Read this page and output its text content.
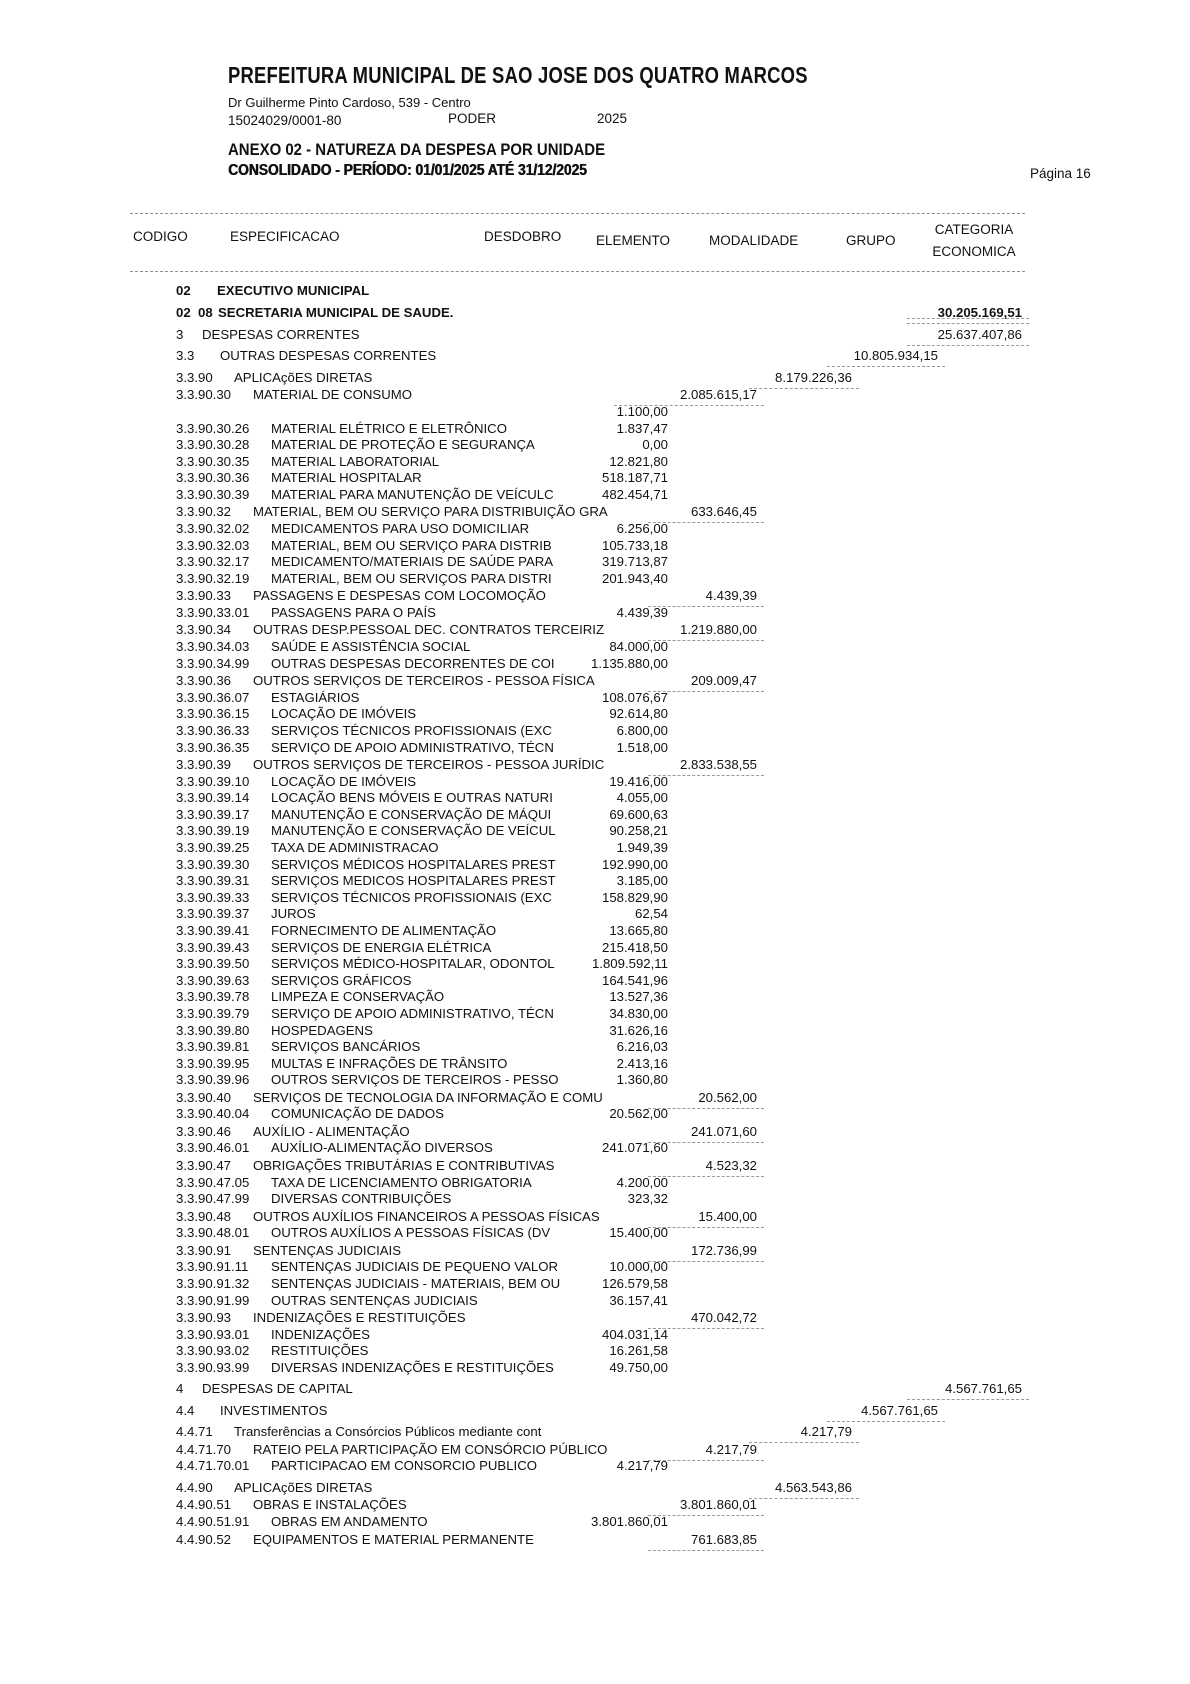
PREFEITURA MUNICIPAL DE SAO JOSE DOS QUATRO MARCOS
Dr Guilherme Pinto Cardoso, 539 - Centro
15024029/0001-80	PODER	2025
ANEXO 02 - NATUREZA DA DESPESA POR UNIDADE
CONSOLIDADO - PERÍODO: 01/01/2025 ATÉ 31/12/2025	Página 16
CODIGO	ESPECIFICACAO	DESDOBRO	ELEMENTO	MODALIDADE	GRUPO
CATEGORIA
ECONOMICA
02 EXECUTIVO MUNICIPAL
02 08 SECRETARIA MUNICIPAL DE SAUDE.	30.205.169,51
3 DESPESAS CORRENTES	25.637.407,86
3.3 OUTRAS DESPESAS CORRENTES	10.805.934,15
3.3.90 APLICAçõES DIRETAS	8.179.226,36
3.3.90.30 MATERIAL DE CONSUMO	2.085.615,17
1.100,00
3.3.90.30.26 MATERIAL ELÉTRICO E ELETRÔNICO	1.837,47
3.3.90.30.28 MATERIAL DE PROTEÇÃO E SEGURANÇA	0,00
3.3.90.30.35 MATERIAL LABORATORIAL	12.821,80
3.3.90.30.36 MATERIAL HOSPITALAR	518.187,71
3.3.90.30.39 MATERIAL PARA MANUTENÇÃO DE VEÍCULC	482.454,71
3.3.90.32 MATERIAL, BEM OU SERVIÇO PARA DISTRIBUIÇÃO GRA	633.646,45
3.3.90.32.02 MEDICAMENTOS PARA USO DOMICILIAR	6.256,00
3.3.90.32.03 MATERIAL, BEM OU SERVIÇO PARA DISTRIB	105.733,18
3.3.90.32.17 MEDICAMENTO/MATERIAIS DE SAÚDE PARA	319.713,87
3.3.90.32.19 MATERIAL, BEM OU SERVIÇOS PARA DISTRI	201.943,40
3.3.90.33 PASSAGENS E DESPESAS COM LOCOMOÇÃO	4.439,39
3.3.90.33.01 PASSAGENS PARA O PAÍS	4.439,39
3.3.90.34 OUTRAS DESP.PESSOAL DEC. CONTRATOS TERCEIRIZ	1.219.880,00
3.3.90.34.03 SAÚDE E ASSISTÊNCIA SOCIAL	84.000,00
3.3.90.34.99 OUTRAS DESPESAS DECORRENTES DE COI	1.135.880,00
3.3.90.36 OUTROS SERVIÇOS DE TERCEIROS - PESSOA FÍSICA	209.009,47
3.3.90.36.07 ESTAGIÁRIOS	108.076,67
3.3.90.36.15 LOCAÇÃO DE IMÓVEIS	92.614,80
3.3.90.36.33 SERVIÇOS TÉCNICOS PROFISSIONAIS (EXC	6.800,00
3.3.90.36.35 SERVIÇO DE APOIO ADMINISTRATIVO, TÉCN	1.518,00
3.3.90.39 OUTROS SERVIÇOS DE TERCEIROS - PESSOA JURÍDIC	2.833.538,55
3.3.90.39.10 LOCAÇÃO DE IMÓVEIS	19.416,00
3.3.90.39.14 LOCAÇÃO BENS MÓVEIS E OUTRAS NATURI	4.055,00
3.3.90.39.17 MANUTENÇÃO E CONSERVAÇÃO DE MÁQUI	69.600,63
3.3.90.39.19 MANUTENÇÃO E CONSERVAÇÃO DE VEÍCUL	90.258,21
3.3.90.39.25 TAXA DE ADMINISTRACAO	1.949,39
3.3.90.39.30 SERVIÇOS MÉDICOS HOSPITALARES PREST	192.990,00
3.3.90.39.31 SERVIÇOS MEDICOS HOSPITALARES PREST	3.185,00
3.3.90.39.33 SERVIÇOS TÉCNICOS PROFISSIONAIS (EXC	158.829,90
3.3.90.39.37 JUROS	62,54
3.3.90.39.41 FORNECIMENTO DE ALIMENTAÇÃO	13.665,80
3.3.90.39.43 SERVIÇOS DE ENERGIA ELÉTRICA	215.418,50
3.3.90.39.50 SERVIÇOS MÉDICO-HOSPITALAR, ODONTOL	1.809.592,11
3.3.90.39.63 SERVIÇOS GRÁFICOS	164.541,96
3.3.90.39.78 LIMPEZA E CONSERVAÇÃO	13.527,36
3.3.90.39.79 SERVIÇO DE APOIO ADMINISTRATIVO, TÉCN	34.830,00
3.3.90.39.80 HOSPEDAGENS	31.626,16
3.3.90.39.81 SERVIÇOS BANCÁRIOS	6.216,03
3.3.90.39.95 MULTAS E INFRAÇÕES DE TRÂNSITO	2.413,16
3.3.90.39.96 OUTROS SERVIÇOS DE TERCEIROS - PESSO	1.360,80
3.3.90.40 SERVIÇOS DE TECNOLOGIA DA INFORMAÇÃO E COMU	20.562,00
3.3.90.40.04 COMUNICAÇÃO DE DADOS	20.562,00
3.3.90.46 AUXÍLIO - ALIMENTAÇÃO	241.071,60
3.3.90.46.01 AUXÍLIO-ALIMENTAÇÃO DIVERSOS	241.071,60
3.3.90.47 OBRIGAÇÕES TRIBUTÁRIAS E CONTRIBUTIVAS	4.523,32
3.3.90.47.05 TAXA DE LICENCIAMENTO OBRIGATORIA	4.200,00
3.3.90.47.99 DIVERSAS CONTRIBUIÇÕES	323,32
3.3.90.48 OUTROS AUXÍLIOS FINANCEIROS A PESSOAS FÍSICAS	15.400,00
3.3.90.48.01 OUTROS AUXÍLIOS A PESSOAS FÍSICAS (DV	15.400,00
3.3.90.91 SENTENÇAS JUDICIAIS	172.736,99
3.3.90.91.11 SENTENÇAS JUDICIAIS DE PEQUENO VALOR	10.000,00
3.3.90.91.32 SENTENÇAS JUDICIAIS - MATERIAIS, BEM OU	126.579,58
3.3.90.91.99 OUTRAS SENTENÇAS JUDICIAIS	36.157,41
3.3.90.93 INDENIZAÇÕES E RESTITUIÇÕES	470.042,72
3.3.90.93.01 INDENIZAÇÕES	404.031,14
3.3.90.93.02 RESTITUIÇÕES	16.261,58
3.3.90.93.99 DIVERSAS INDENIZAÇÕES E RESTITUIÇÕES	49.750,00
4 DESPESAS DE CAPITAL	4.567.761,65
4.4 INVESTIMENTOS	4.567.761,65
4.4.71 Transferências a Consórcios Públicos mediante cont	4.217,79
4.4.71.70 RATEIO PELA PARTICIPAÇÃO EM CONSÓRCIO PÚBLICO	4.217,79
4.4.71.70.01 PARTICIPACAO EM CONSORCIO PUBLICO	4.217,79
4.4.90 APLICAçõES DIRETAS	4.563.543,86
4.4.90.51 OBRAS E INSTALAÇÕES	3.801.860,01
4.4.90.51.91 OBRAS EM ANDAMENTO	3.801.860,01
4.4.90.52 EQUIPAMENTOS E MATERIAL PERMANENTE	761.683,85
